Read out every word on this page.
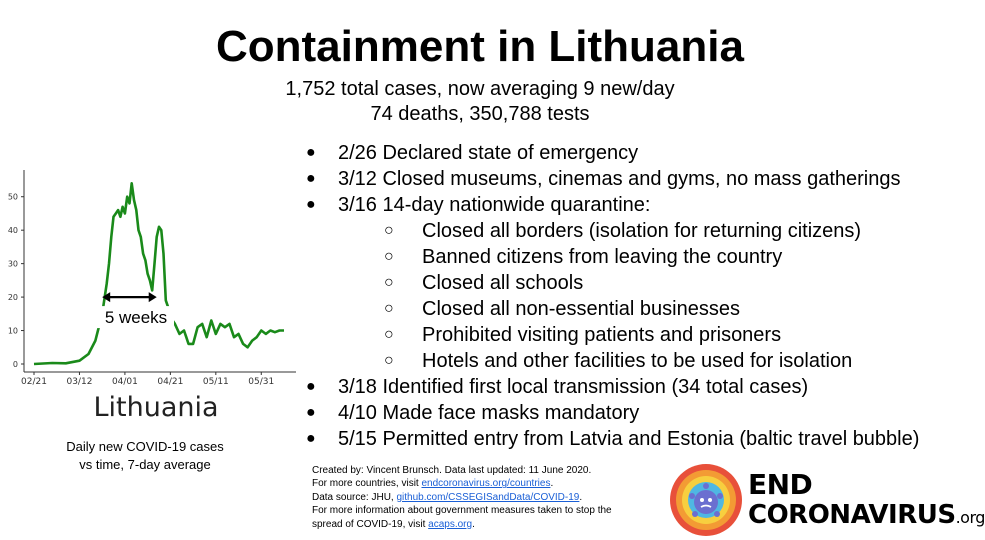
Containment in Lithuania
1,752 total cases, now averaging 9 new/day
74 deaths, 350,788 tests
0
10
20
30
40
50
02/21 03/12 04/01 04/21 05/11 05/31
5 weeks
Lithuania
Daily new COVID-19 cases
vs time, 7-day average
● 2/26 Declared state of emergency
● 3/12 Closed museums, cinemas and gyms, no mass gatherings
● 3/16 14-day nationwide quarantine:
○ Closed all borders (isolation for returning citizens)
○ Banned citizens from leaving the country
○ Closed all schools
○ Closed all non-essential businesses
○ Prohibited visiting patients and prisoners
○ Hotels and other facilities to be used for isolation
● 3/18 Identified first local transmission (34 total cases)
● 4/10 Made face masks mandatory
● 5/15 Permitted entry from Latvia and Estonia (baltic travel bubble)
Created by: Vincent Brunsch. Data last updated: 11 June 2020.
For more countries, visit endcoronavirus.org/countries.
Data source: JHU, github.com/CSSEGISandData/COVID-19.
For more information about government measures taken to stop the
spread of COVID-19, visit acaps.org.
END
CORONAVIRUS.org
